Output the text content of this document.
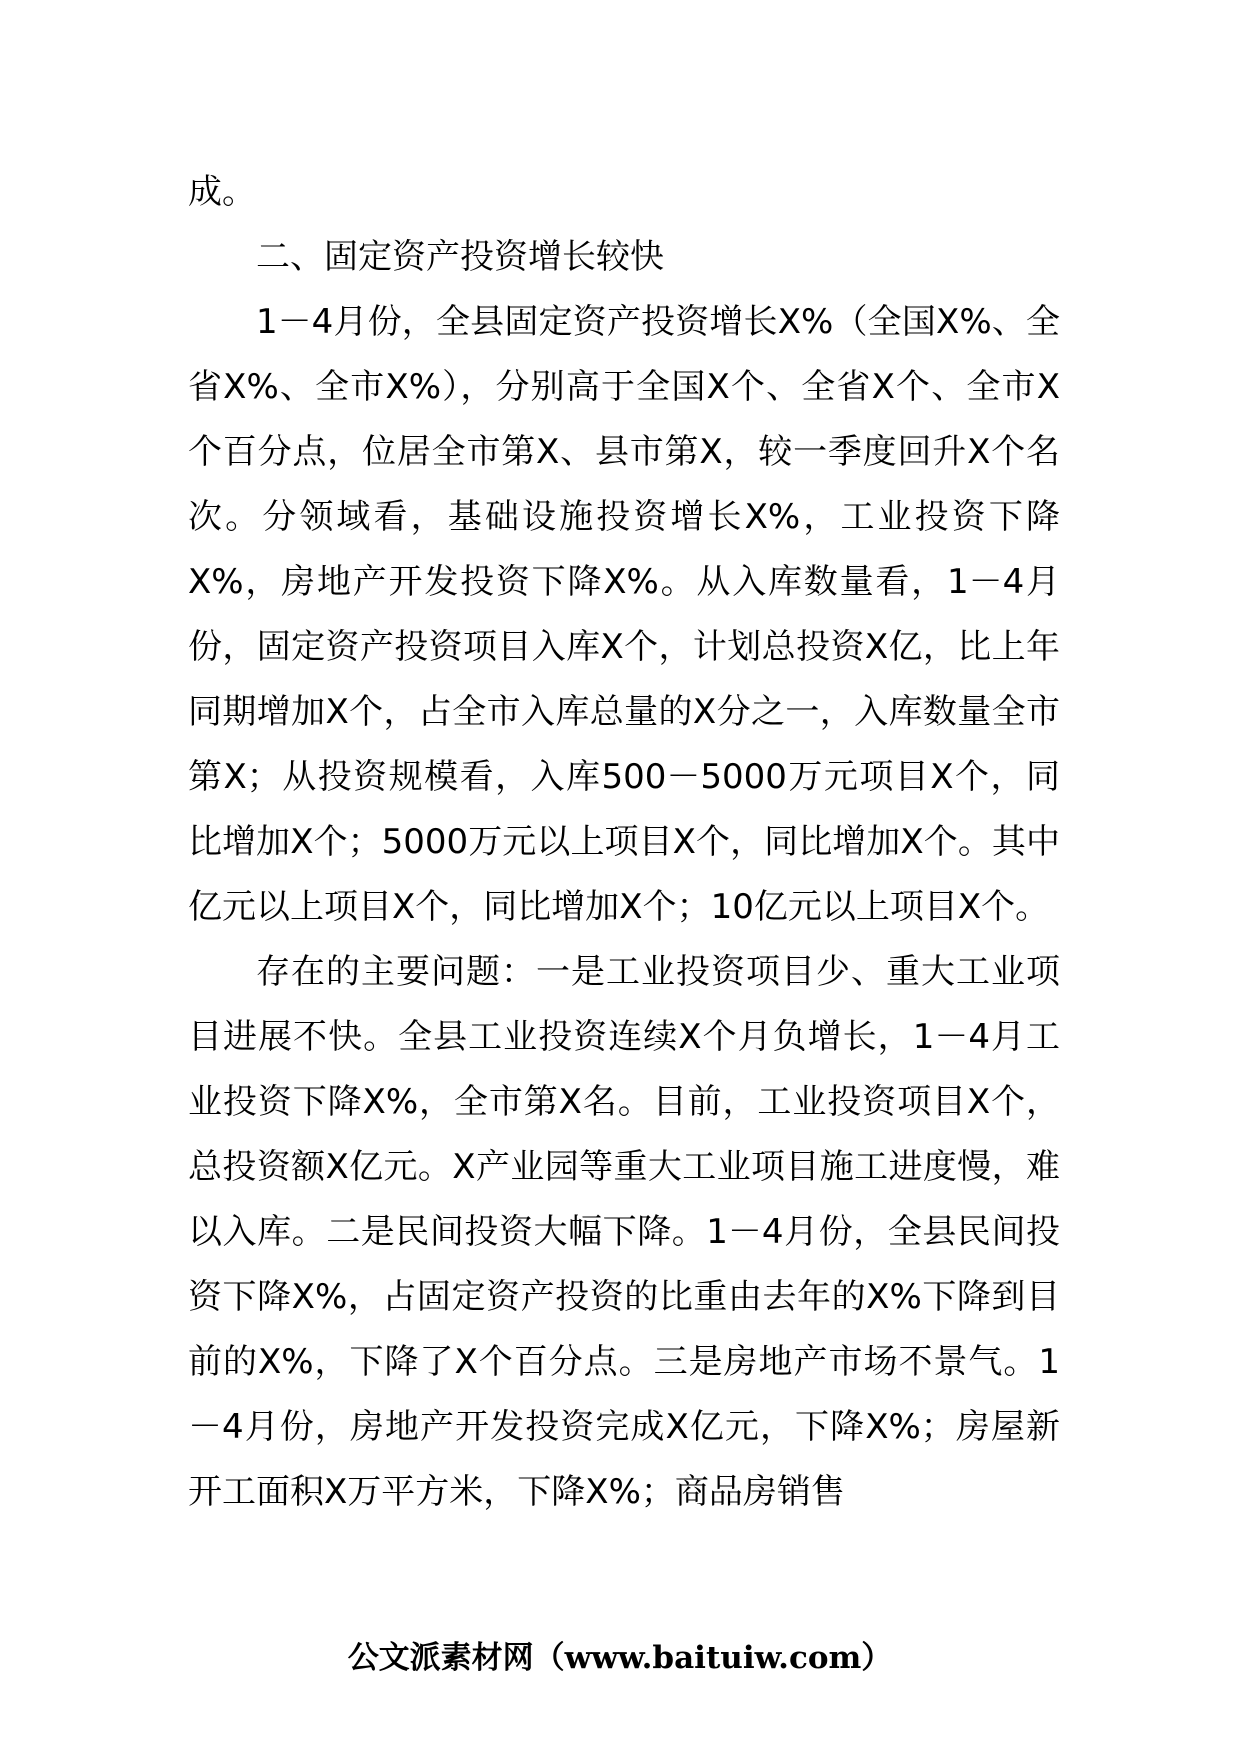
成。

二、固定资产投资增长较快

1－4月份，全县固定资产投资增长X%（全国X%、全省X%、全市X%），分别高于全国X个、全省X个、全市X个百分点，位居全市第X、县市第X，较一季度回升X个名次。分领域看，基础设施投资增长X%，工业投资下降X%，房地产开发投资下降X%。从入库数量看，1－4月份，固定资产投资项目入库X个，计划总投资X亿，比上年同期增加X个，占全市入库总量的X分之一，入库数量全市第X；从投资规模看，入库500－5000万元项目X个，同比增加X个；5000万元以上项目X个，同比增加X个。其中亿元以上项目X个，同比增加X个；10亿元以上项目X个。

存在的主要问题：一是工业投资项目少、重大工业项目进展不快。全县工业投资连续X个月负增长，1－4月工业投资下降X%，全市第X名。目前，工业投资项目X个，总投资额X亿元。X产业园等重大工业项目施工进度慢，难以入库。二是民间投资大幅下降。1－4月份，全县民间投资下降X%，占固定资产投资的比重由去年的X%下降到目前的X%，下降了X个百分点。三是房地产市场不景气。1－4月份，房地产开发投资完成X亿元，下降X%；房屋新开工面积X万平方米，下降X%；商品房销售

公文派素材网（www.baituiw.com）
